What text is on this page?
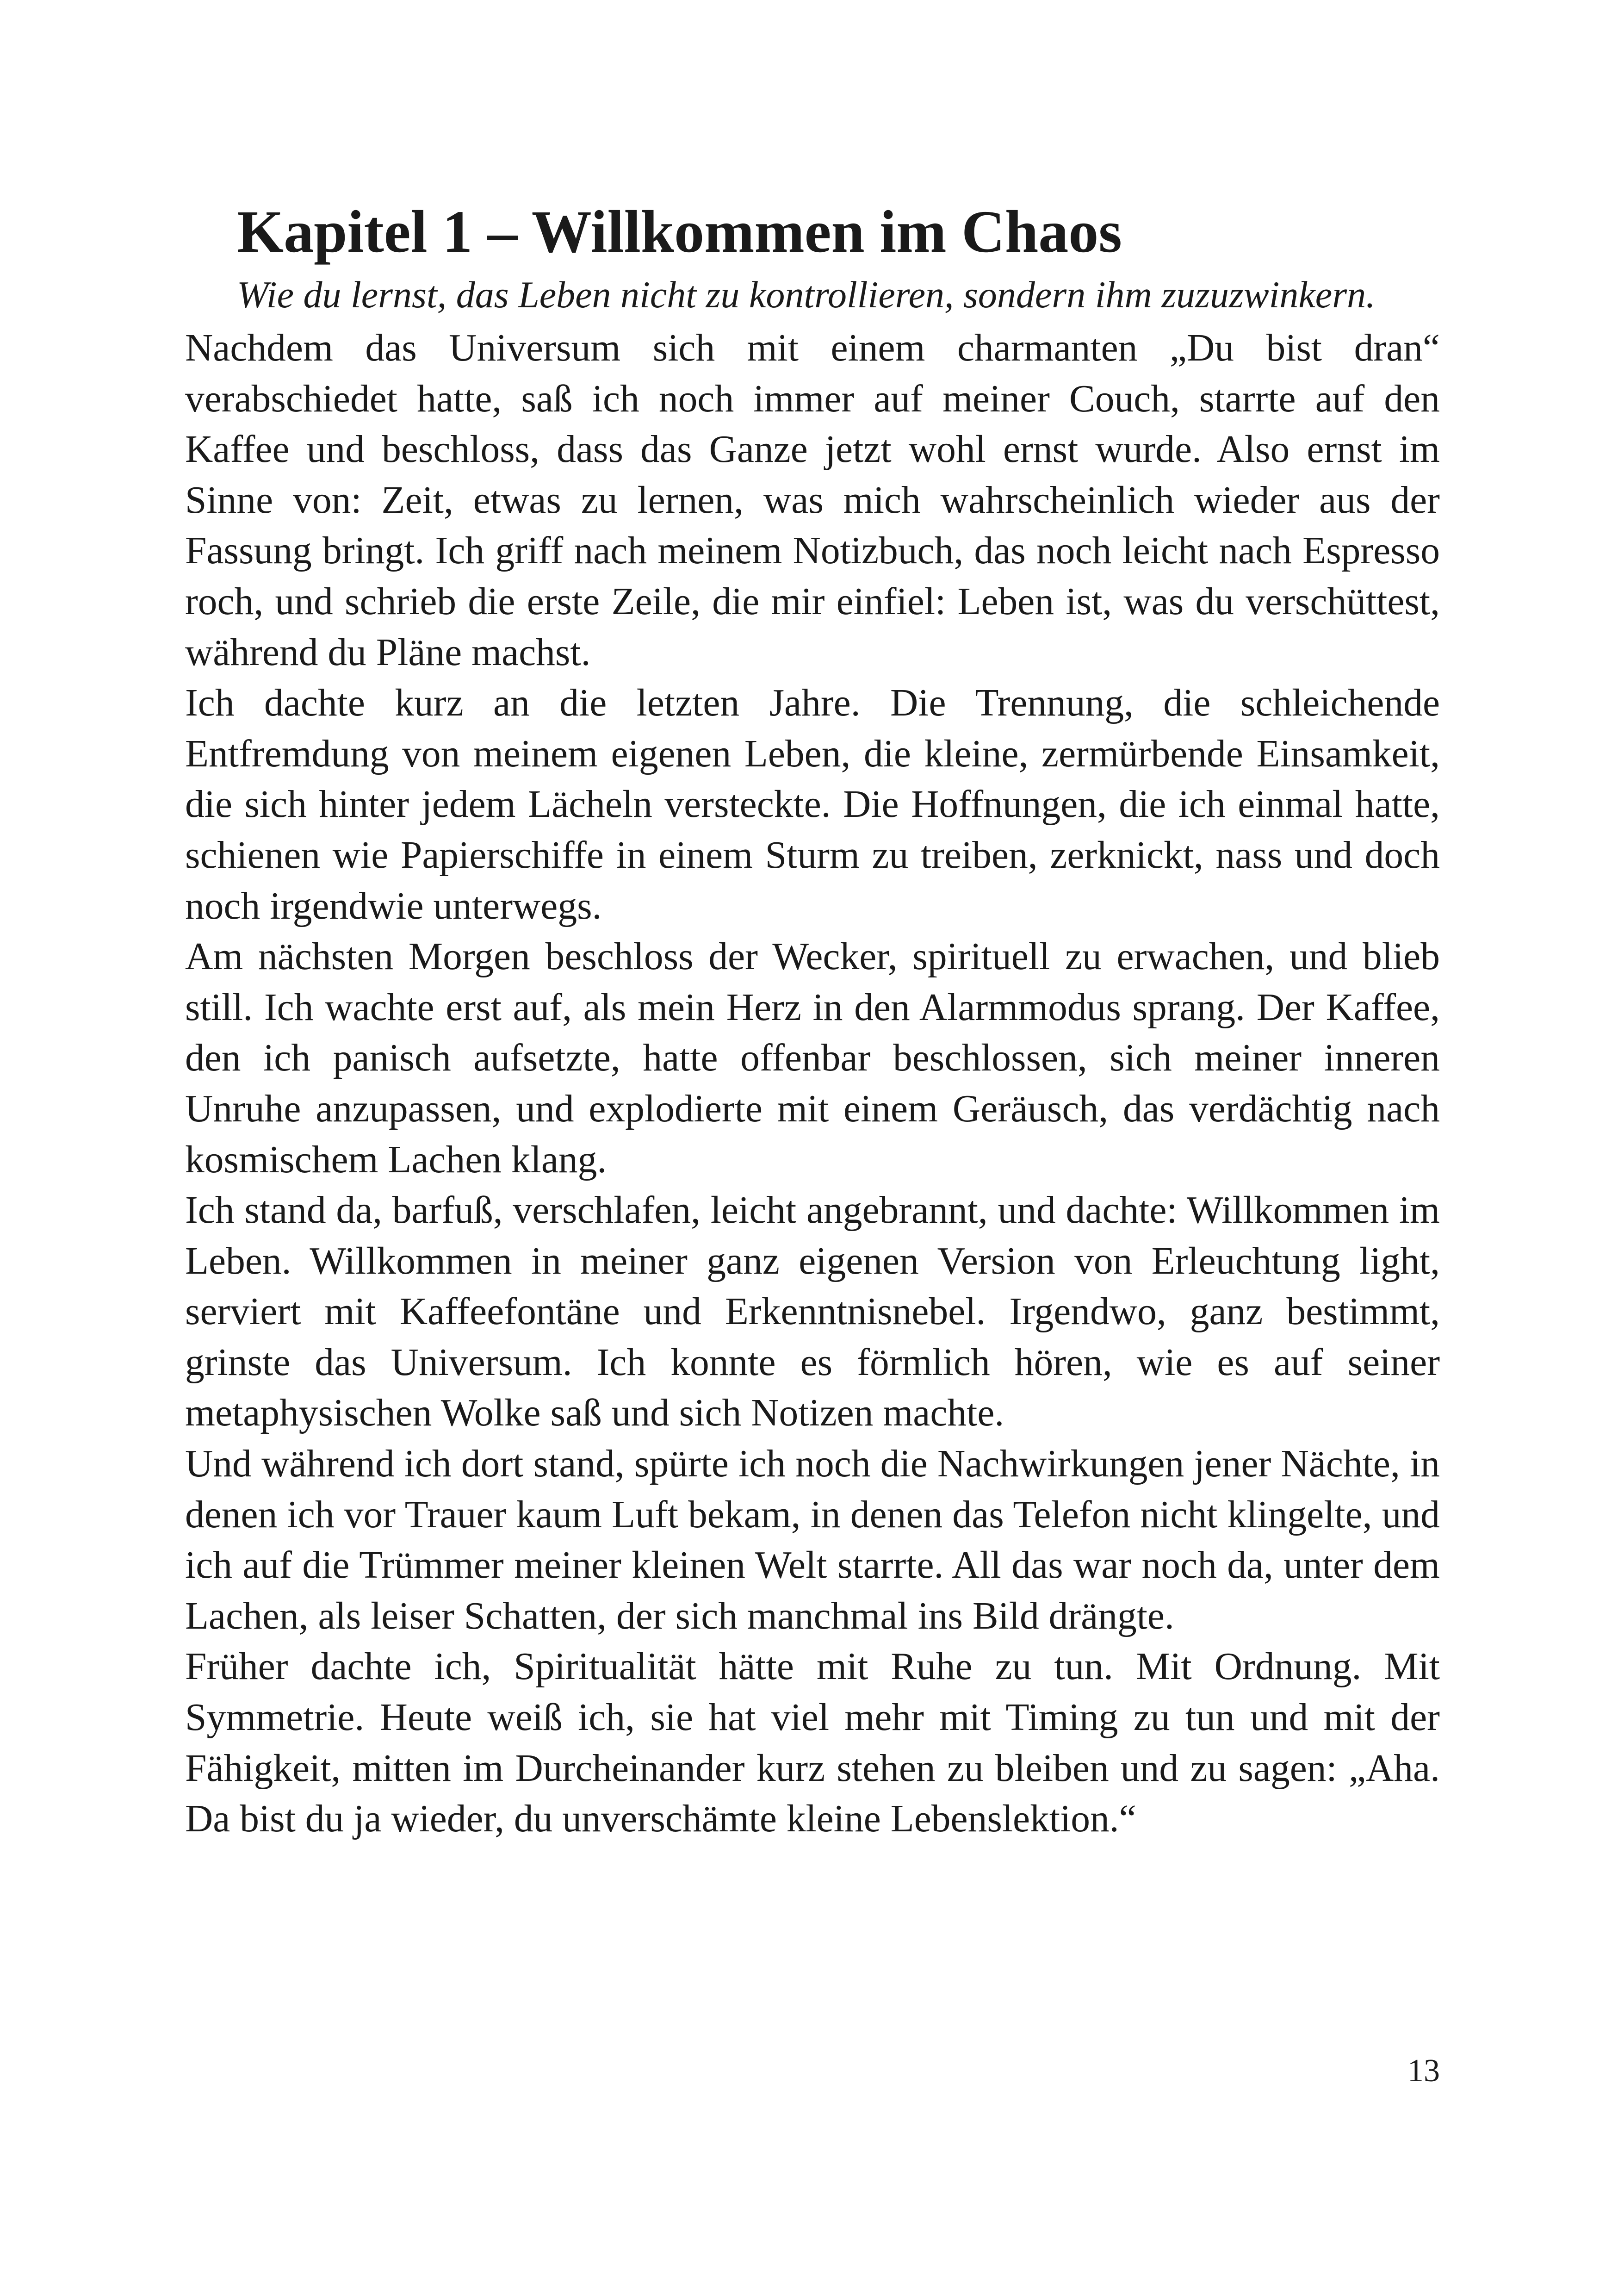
Kapitel 1 – Willkommen im Chaos
Wie du lernst, das Leben nicht zu kontrollieren, sondern ihm zuzuzwinkern.

Nachdem das Universum sich mit einem charmanten „Du bist dran“ verabschiedet hatte, saß ich noch immer auf meiner Couch, starrte auf den Kaffee und beschloss, dass das Ganze jetzt wohl ernst wurde. Also ernst im Sinne von: Zeit, etwas zu lernen, was mich wahrscheinlich wieder aus der Fassung bringt. Ich griff nach meinem Notizbuch, das noch leicht nach Espresso roch, und schrieb die erste Zeile, die mir einfiel: Leben ist, was du verschüttest, während du Pläne machst.

Ich dachte kurz an die letzten Jahre. Die Trennung, die schleichende Entfremdung von meinem eigenen Leben, die kleine, zermürbende Einsamkeit, die sich hinter jedem Lächeln versteckte. Die Hoffnungen, die ich einmal hatte, schienen wie Papierschiffe in einem Sturm zu treiben, zerknickt, nass und doch noch irgendwie unterwegs.

Am nächsten Morgen beschloss der Wecker, spirituell zu erwachen, und blieb still. Ich wachte erst auf, als mein Herz in den Alarmmodus sprang. Der Kaffee, den ich panisch aufsetzte, hatte offenbar beschlossen, sich meiner inneren Unruhe anzupassen, und explodierte mit einem Geräusch, das verdächtig nach kosmischem Lachen klang.

Ich stand da, barfuß, verschlafen, leicht angebrannt, und dachte: Willkommen im Leben. Willkommen in meiner ganz eigenen Version von Erleuchtung light, serviert mit Kaffeefontäne und Erkenntnisnebel. Irgendwo, ganz bestimmt, grinste das Universum. Ich konnte es förmlich hören, wie es auf seiner metaphysischen Wolke saß und sich Notizen machte.

Und während ich dort stand, spürte ich noch die Nachwirkungen jener Nächte, in denen ich vor Trauer kaum Luft bekam, in denen das Telefon nicht klingelte, und ich auf die Trümmer meiner kleinen Welt starrte. All das war noch da, unter dem Lachen, als leiser Schatten, der sich manchmal ins Bild drängte.

Früher dachte ich, Spiritualität hätte mit Ruhe zu tun. Mit Ordnung. Mit Symmetrie. Heute weiß ich, sie hat viel mehr mit Timing zu tun und mit der Fähigkeit, mitten im Durcheinander kurz stehen zu bleiben und zu sagen: „Aha. Da bist du ja wieder, du unverschämte kleine Lebenslektion.“

13
